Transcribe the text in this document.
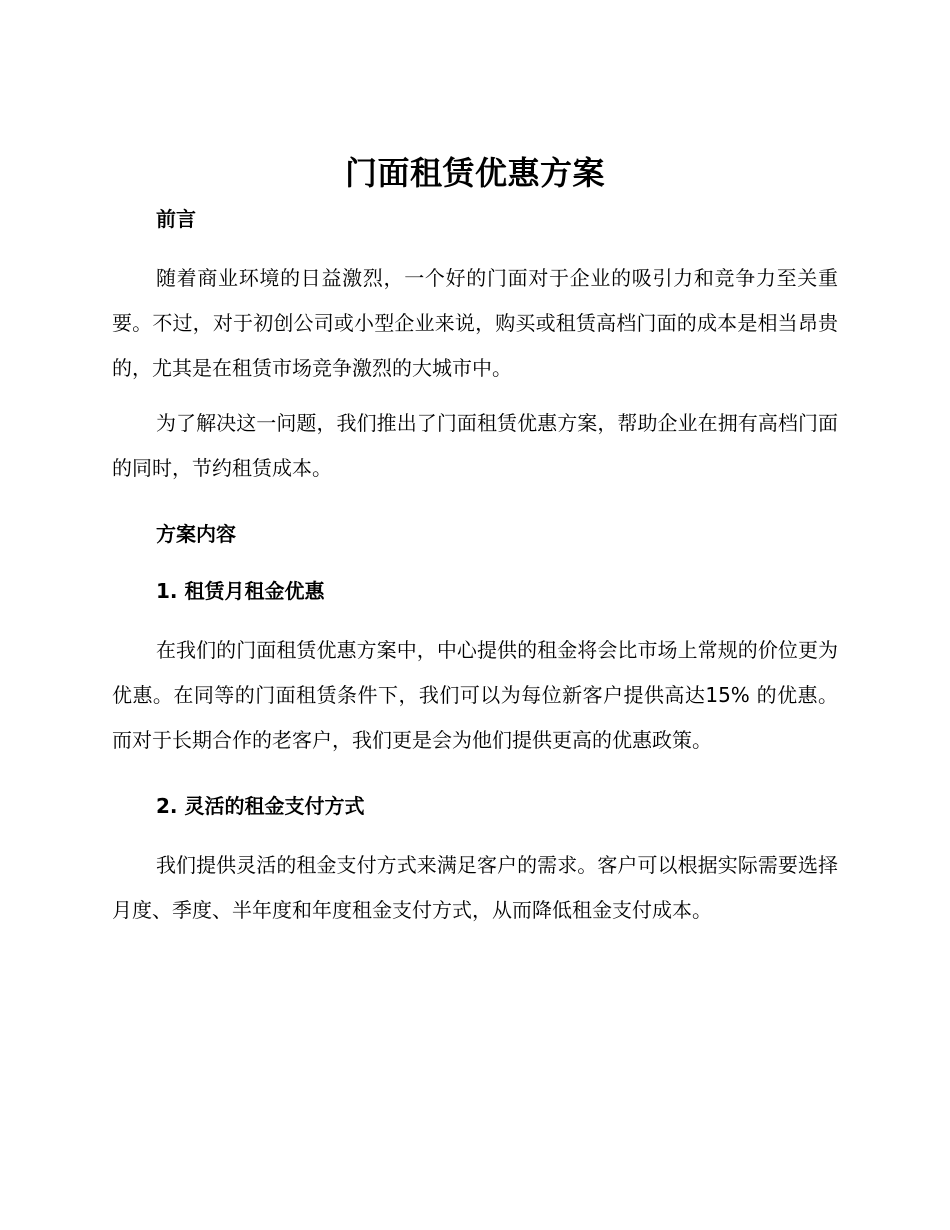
门面租赁优惠方案
前言

随着商业环境的日益激烈，一个好的门面对于企业的吸引力和竞争力至关重要。不过，对于初创公司或小型企业来说，购买或租赁高档门面的成本是相当昂贵的，尤其是在租赁市场竞争激烈的大城市中。

为了解决这一问题，我们推出了门面租赁优惠方案，帮助企业在拥有高档门面的同时，节约租赁成本。

方案内容
1. 租赁月租金优惠

在我们的门面租赁优惠方案中，中心提供的租金将会比市场上常规的价位更为优惠。在同等的门面租赁条件下，我们可以为每位新客户提供高达15% 的优惠。而对于长期合作的老客户，我们更是会为他们提供更高的优惠政策。

2. 灵活的租金支付方式

我们提供灵活的租金支付方式来满足客户的需求。客户可以根据实际需要选择月度、季度、半年度和年度租金支付方式，从而降低租金支付成本。
